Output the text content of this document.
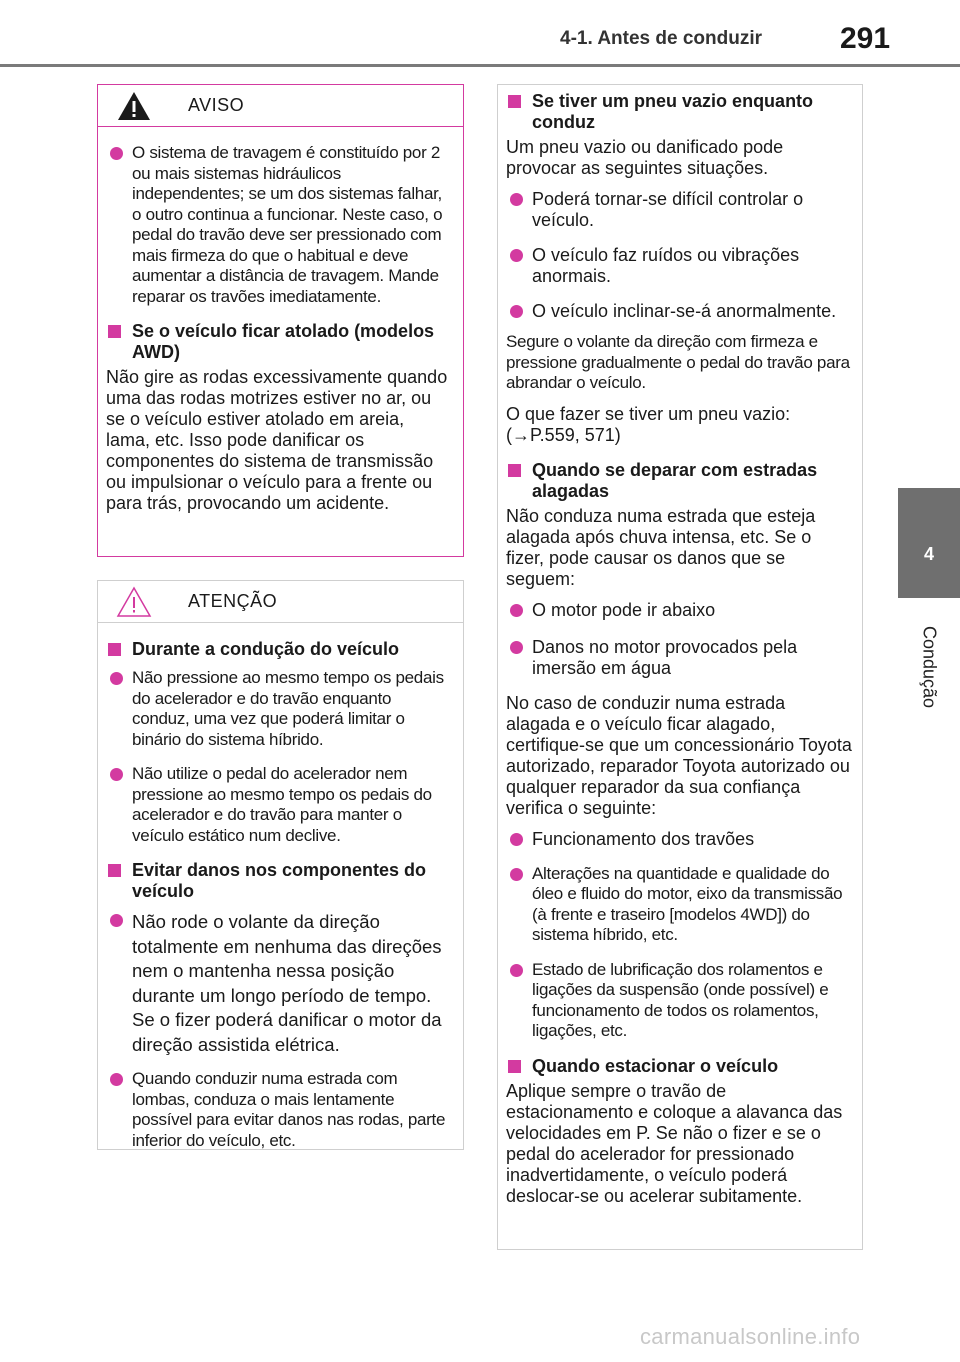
4-1. Antes de conduzir	291
4
Condução
AVISO
O sistema de travagem é constituído por 2 ou mais sistemas hidráulicos independentes; se um dos sistemas falhar, o outro continua a funcionar. Neste caso, o pedal do travão deve ser pressionado com mais firmeza do que o habitual e deve aumentar a distância de travagem. Mande reparar os travões imediatamente.
Se o veículo ficar atolado (modelos AWD)
Não gire as rodas excessivamente quando uma das rodas motrizes estiver no ar, ou se o veículo estiver atolado em areia, lama, etc. Isso pode danificar os componentes do sistema de transmissão ou impulsionar o veículo para a frente ou para trás, provocando um acidente.
ATENÇÃO
Durante a condução do veículo
Não pressione ao mesmo tempo os pedais do acelerador e do travão enquanto conduz, uma vez que poderá limitar o binário do sistema híbrido.
Não utilize o pedal do acelerador nem pressione ao mesmo tempo os pedais do acelerador e do travão para manter o veículo estático num declive.
Evitar danos nos componentes do veículo
Não rode o volante da direção totalmente em nenhuma das direções nem o mantenha nessa posição durante um longo período de tempo. Se o fizer poderá danificar o motor da direção assistida elétrica.
Quando conduzir numa estrada com lombas, conduza o mais lentamente possível para evitar danos nas rodas, parte inferior do veículo, etc.
Se tiver um pneu vazio enquanto conduz
Um pneu vazio ou danificado pode provocar as seguintes situações.
Poderá tornar-se difícil controlar o veículo.
O veículo faz ruídos ou vibrações anormais.
O veículo inclinar-se-á anormalmente.
Segure o volante da direção com firmeza e pressione gradualmente o pedal do travão para abrandar o veículo.
O que fazer se tiver um pneu vazio: (→P.559, 571)
Quando se deparar com estradas alagadas
Não conduza numa estrada que esteja alagada após chuva intensa, etc. Se o fizer, pode causar os danos que se seguem:
O motor pode ir abaixo
Danos no motor provocados pela imersão em água
No caso de conduzir numa estrada alagada e o veículo ficar alagado, certifique-se que um concessionário Toyota autorizado, reparador Toyota autorizado ou qualquer reparador da sua confiança verifica o seguinte:
Funcionamento dos travões
Alterações na quantidade e qualidade do óleo e fluido do motor, eixo da transmissão (à frente e traseiro [modelos 4WD]) do sistema híbrido, etc.
Estado de lubrificação dos rolamentos e ligações da suspensão (onde possível) e funcionamento de todos os rolamentos, ligações, etc.
Quando estacionar o veículo
Aplique sempre o travão de estacionamento e coloque a alavanca das velocidades em P. Se não o fizer e se o pedal do acelerador for pressionado inadvertidamente, o veículo poderá deslocar-se ou acelerar subitamente.
carmanualsonline.info
